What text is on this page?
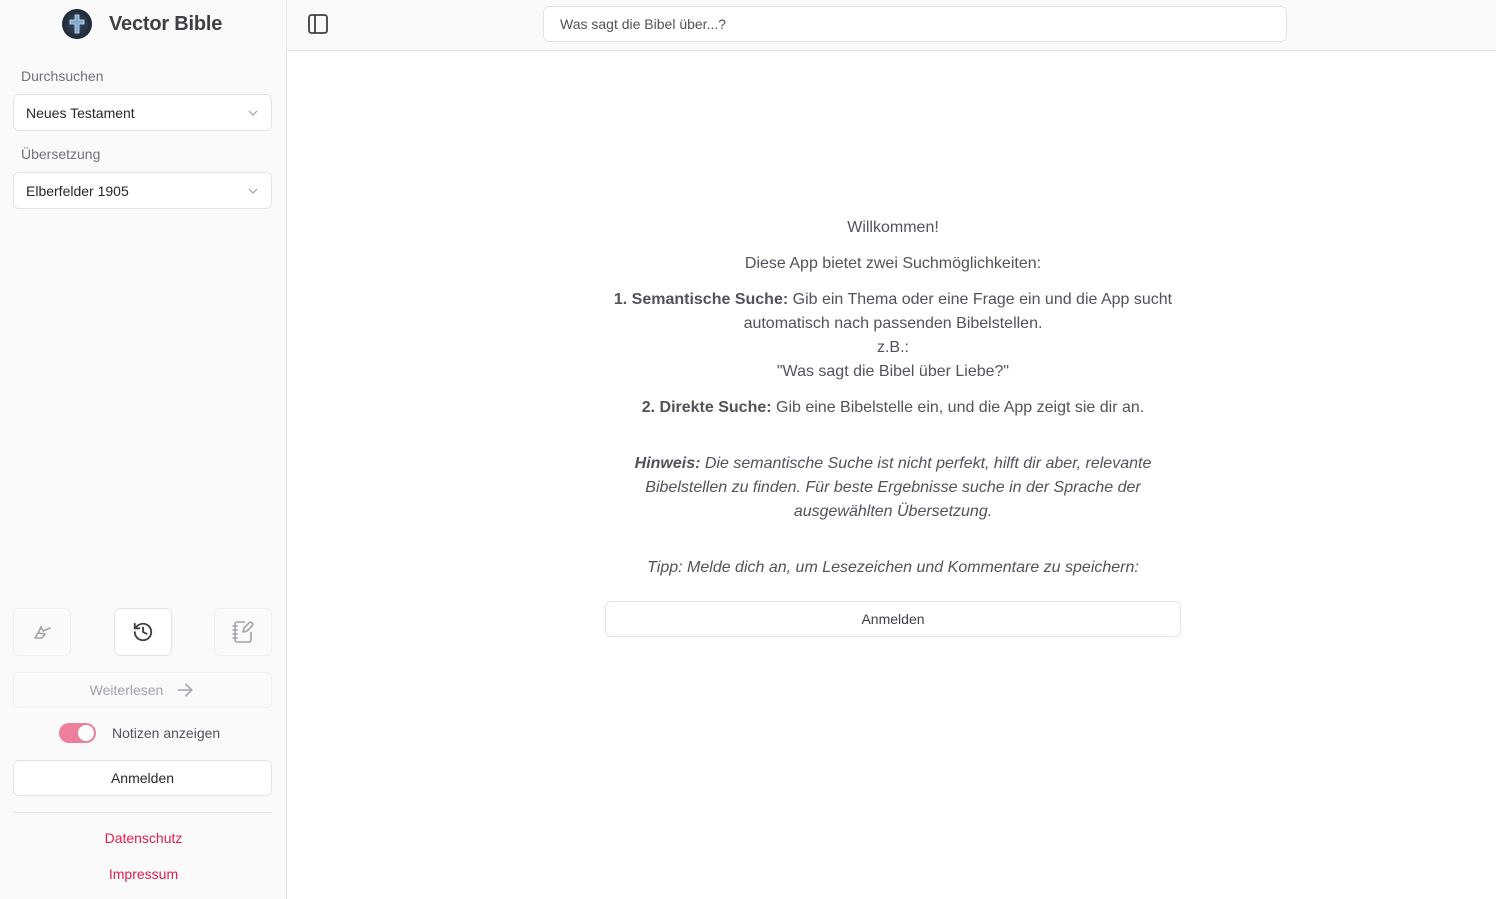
Vector Bible
Durchsuchen
Neues Testament
Übersetzung
Elberfelder 1905
Weiterlesen
Notizen anzeigen
Anmelden
Datenschutz
Impressum
Was sagt die Bibel über...?

Willkommen!

Diese App bietet zwei Suchmöglichkeiten:

1. Semantische Suche: Gib ein Thema oder eine Frage ein und die App sucht automatisch nach passenden Bibelstellen.
z.B.:
"Was sagt die Bibel über Liebe?"

2. Direkte Suche: Gib eine Bibelstelle ein, und die App zeigt sie dir an.

Hinweis: Die semantische Suche ist nicht perfekt, hilft dir aber, relevante Bibelstellen zu finden. Für beste Ergebnisse suche in der Sprache der ausgewählten Übersetzung.

Tipp: Melde dich an, um Lesezeichen und Kommentare zu speichern:

Anmelden
